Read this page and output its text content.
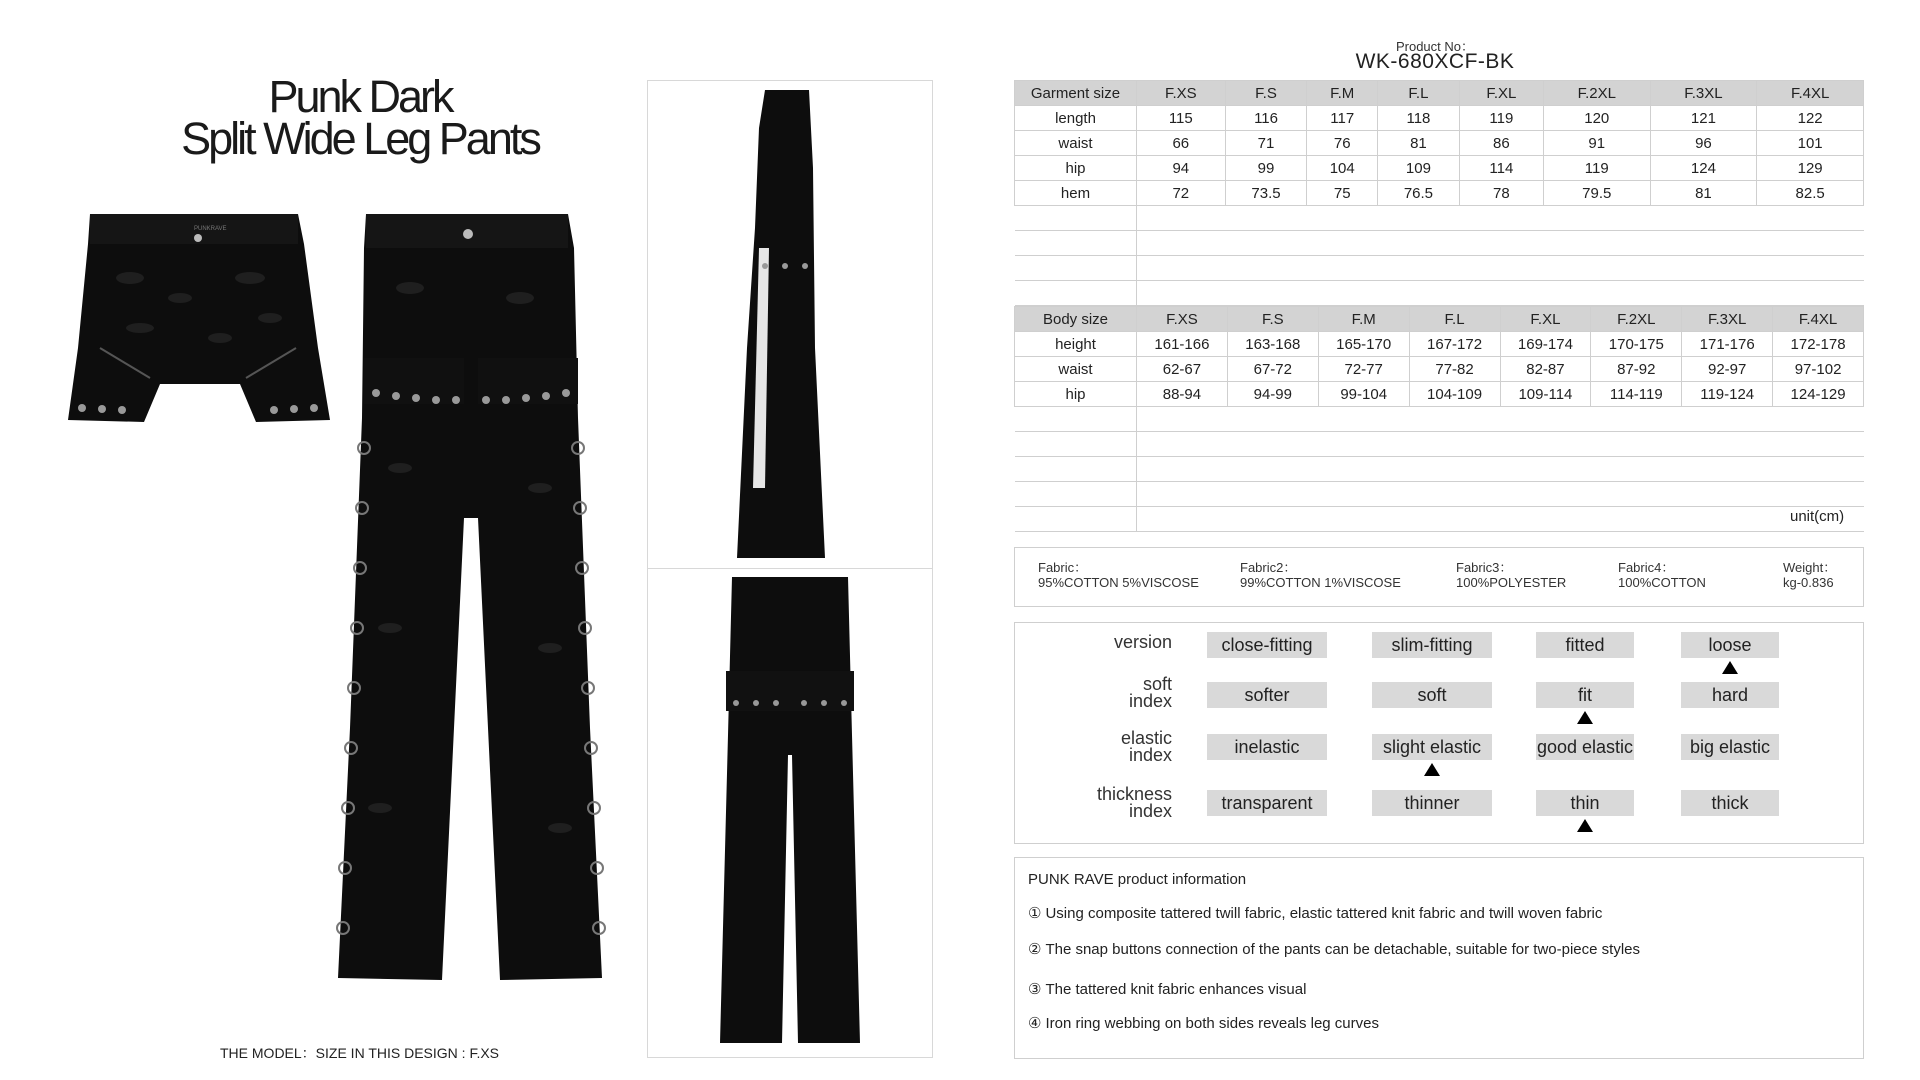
Punk Dark
Split Wide Leg Pants
PUNKRAVE
THE MODEL：SIZE IN THIS DESIGN : F.XS
Product No：
WK-680XCF-BK
Garment size	F.XS	F.S	F.M	F.L	F.XL	F.2XL	F.3XL	F.4XL
length	115	116	117	118	119	120	121	122
waist	66	71	76	81	86	91	96	101
hip	94	99	104	109	114	119	124	129
hem	72	73.5	75	76.5	78	79.5	81	82.5

Body size	F.XS	F.S	F.M	F.L	F.XL	F.2XL	F.3XL	F.4XL
height	161-166	163-168	165-170	167-172	169-174	170-175	171-176	172-178
waist	62-67	67-72	72-77	77-82	82-87	87-92	92-97	97-102
hip	88-94	94-99	99-104	104-109	109-114	114-119	119-124	124-129

unit(cm)
Fabric：
95%COTTON 5%VISCOSE
Fabric2：
99%COTTON 1%VISCOSE
Fabric3：
100%POLYESTER
Fabric4：
100%COTTON
Weight：
kg-0.836
version	close-fitting	slim-fitting	fitted	loose
soft
index	softer	soft	fit	hard
elastic
index	inelastic	slight elastic	good elastic	big elastic
thickness
index	transparent	thinner	thin	thick
PUNK RAVE product information
① Using composite tattered twill fabric, elastic tattered knit fabric and twill woven fabric
② The snap buttons connection of the pants can be detachable, suitable for two-piece styles
③ The tattered knit fabric enhances visual
④ Iron ring webbing on both sides reveals leg curves
